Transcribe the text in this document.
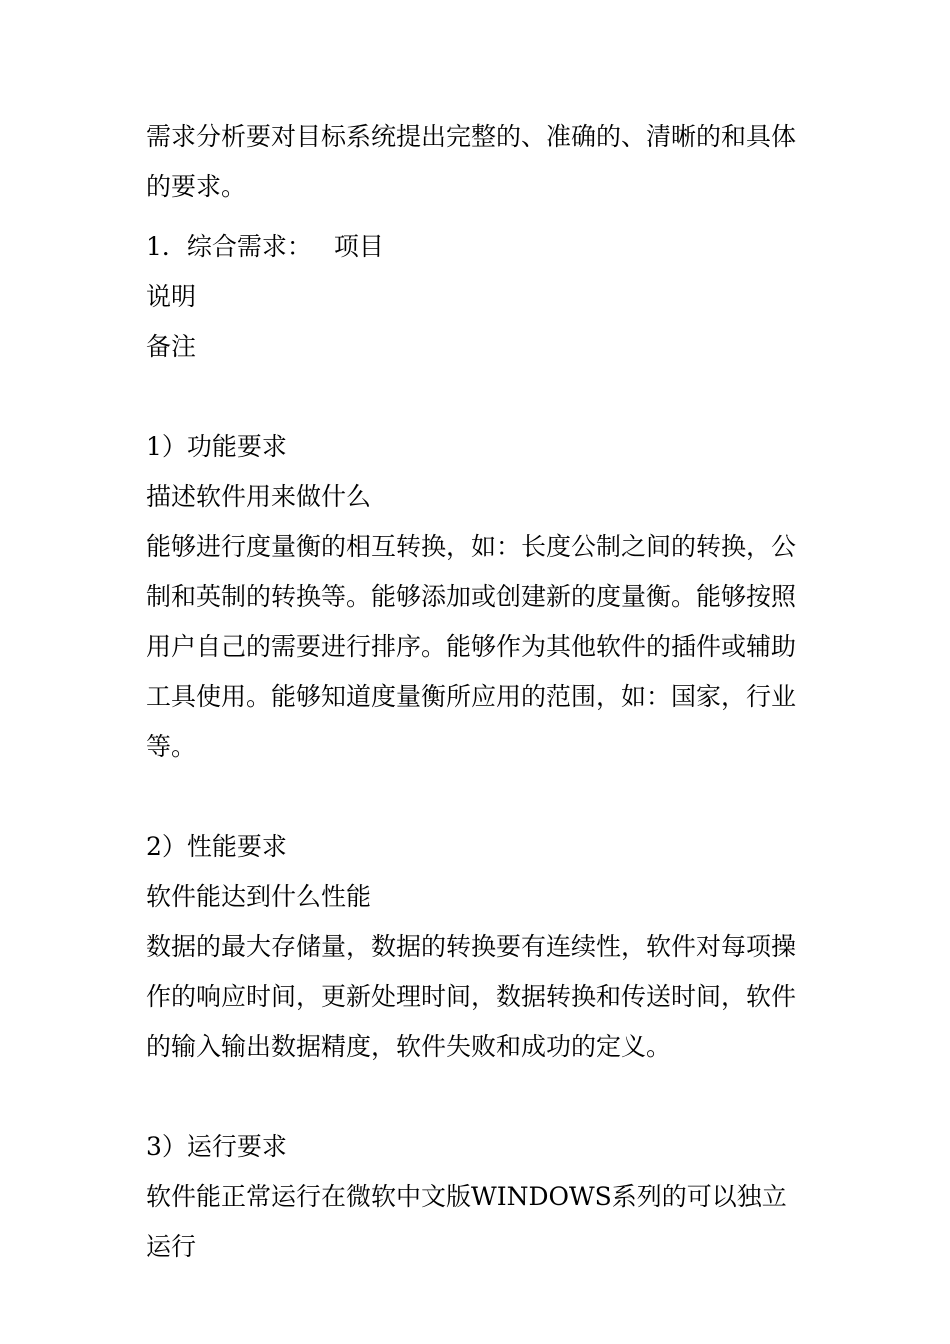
需求分析要对目标系统提出完整的、准确的、清晰的和具体的要求。

1．综合需求： 项目

说明

备注

1）功能要求

描述软件用来做什么

能够进行度量衡的相互转换，如：长度公制之间的转换，公制和英制的转换等。能够添加或创建新的度量衡。能够按照用户自己的需要进行排序。能够作为其他软件的插件或辅助工具使用。能够知道度量衡所应用的范围，如：国家，行业等。

2）性能要求

软件能达到什么性能

数据的最大存储量，数据的转换要有连续性，软件对每项操作的响应时间，更新处理时间，数据转换和传送时间，软件的输入输出数据精度，软件失败和成功的定义。

3）运行要求

软件能正常运行在微软中文版WINDOWS系列的可以独立运行
